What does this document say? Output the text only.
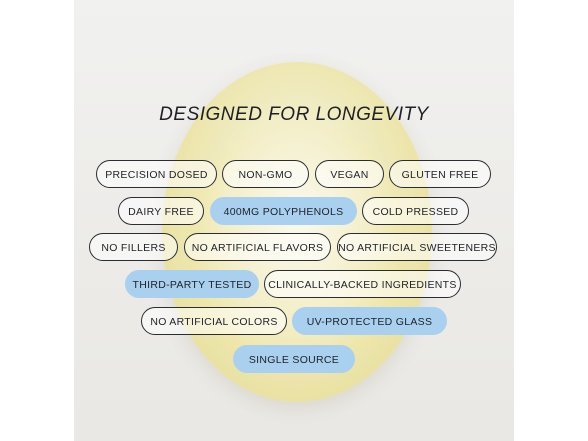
DESIGNED FOR LONGEVITY
PRECISION DOSED	NON-GMO	VEGAN	GLUTEN FREE
DAIRY FREE	400MG POLYPHENOLS	COLD PRESSED
NO FILLERS	NO ARTIFICIAL FLAVORS	NO ARTIFICIAL SWEETENERS
THIRD-PARTY TESTED	CLINICALLY-BACKED INGREDIENTS
NO ARTIFICIAL COLORS	UV-PROTECTED GLASS
SINGLE SOURCE
